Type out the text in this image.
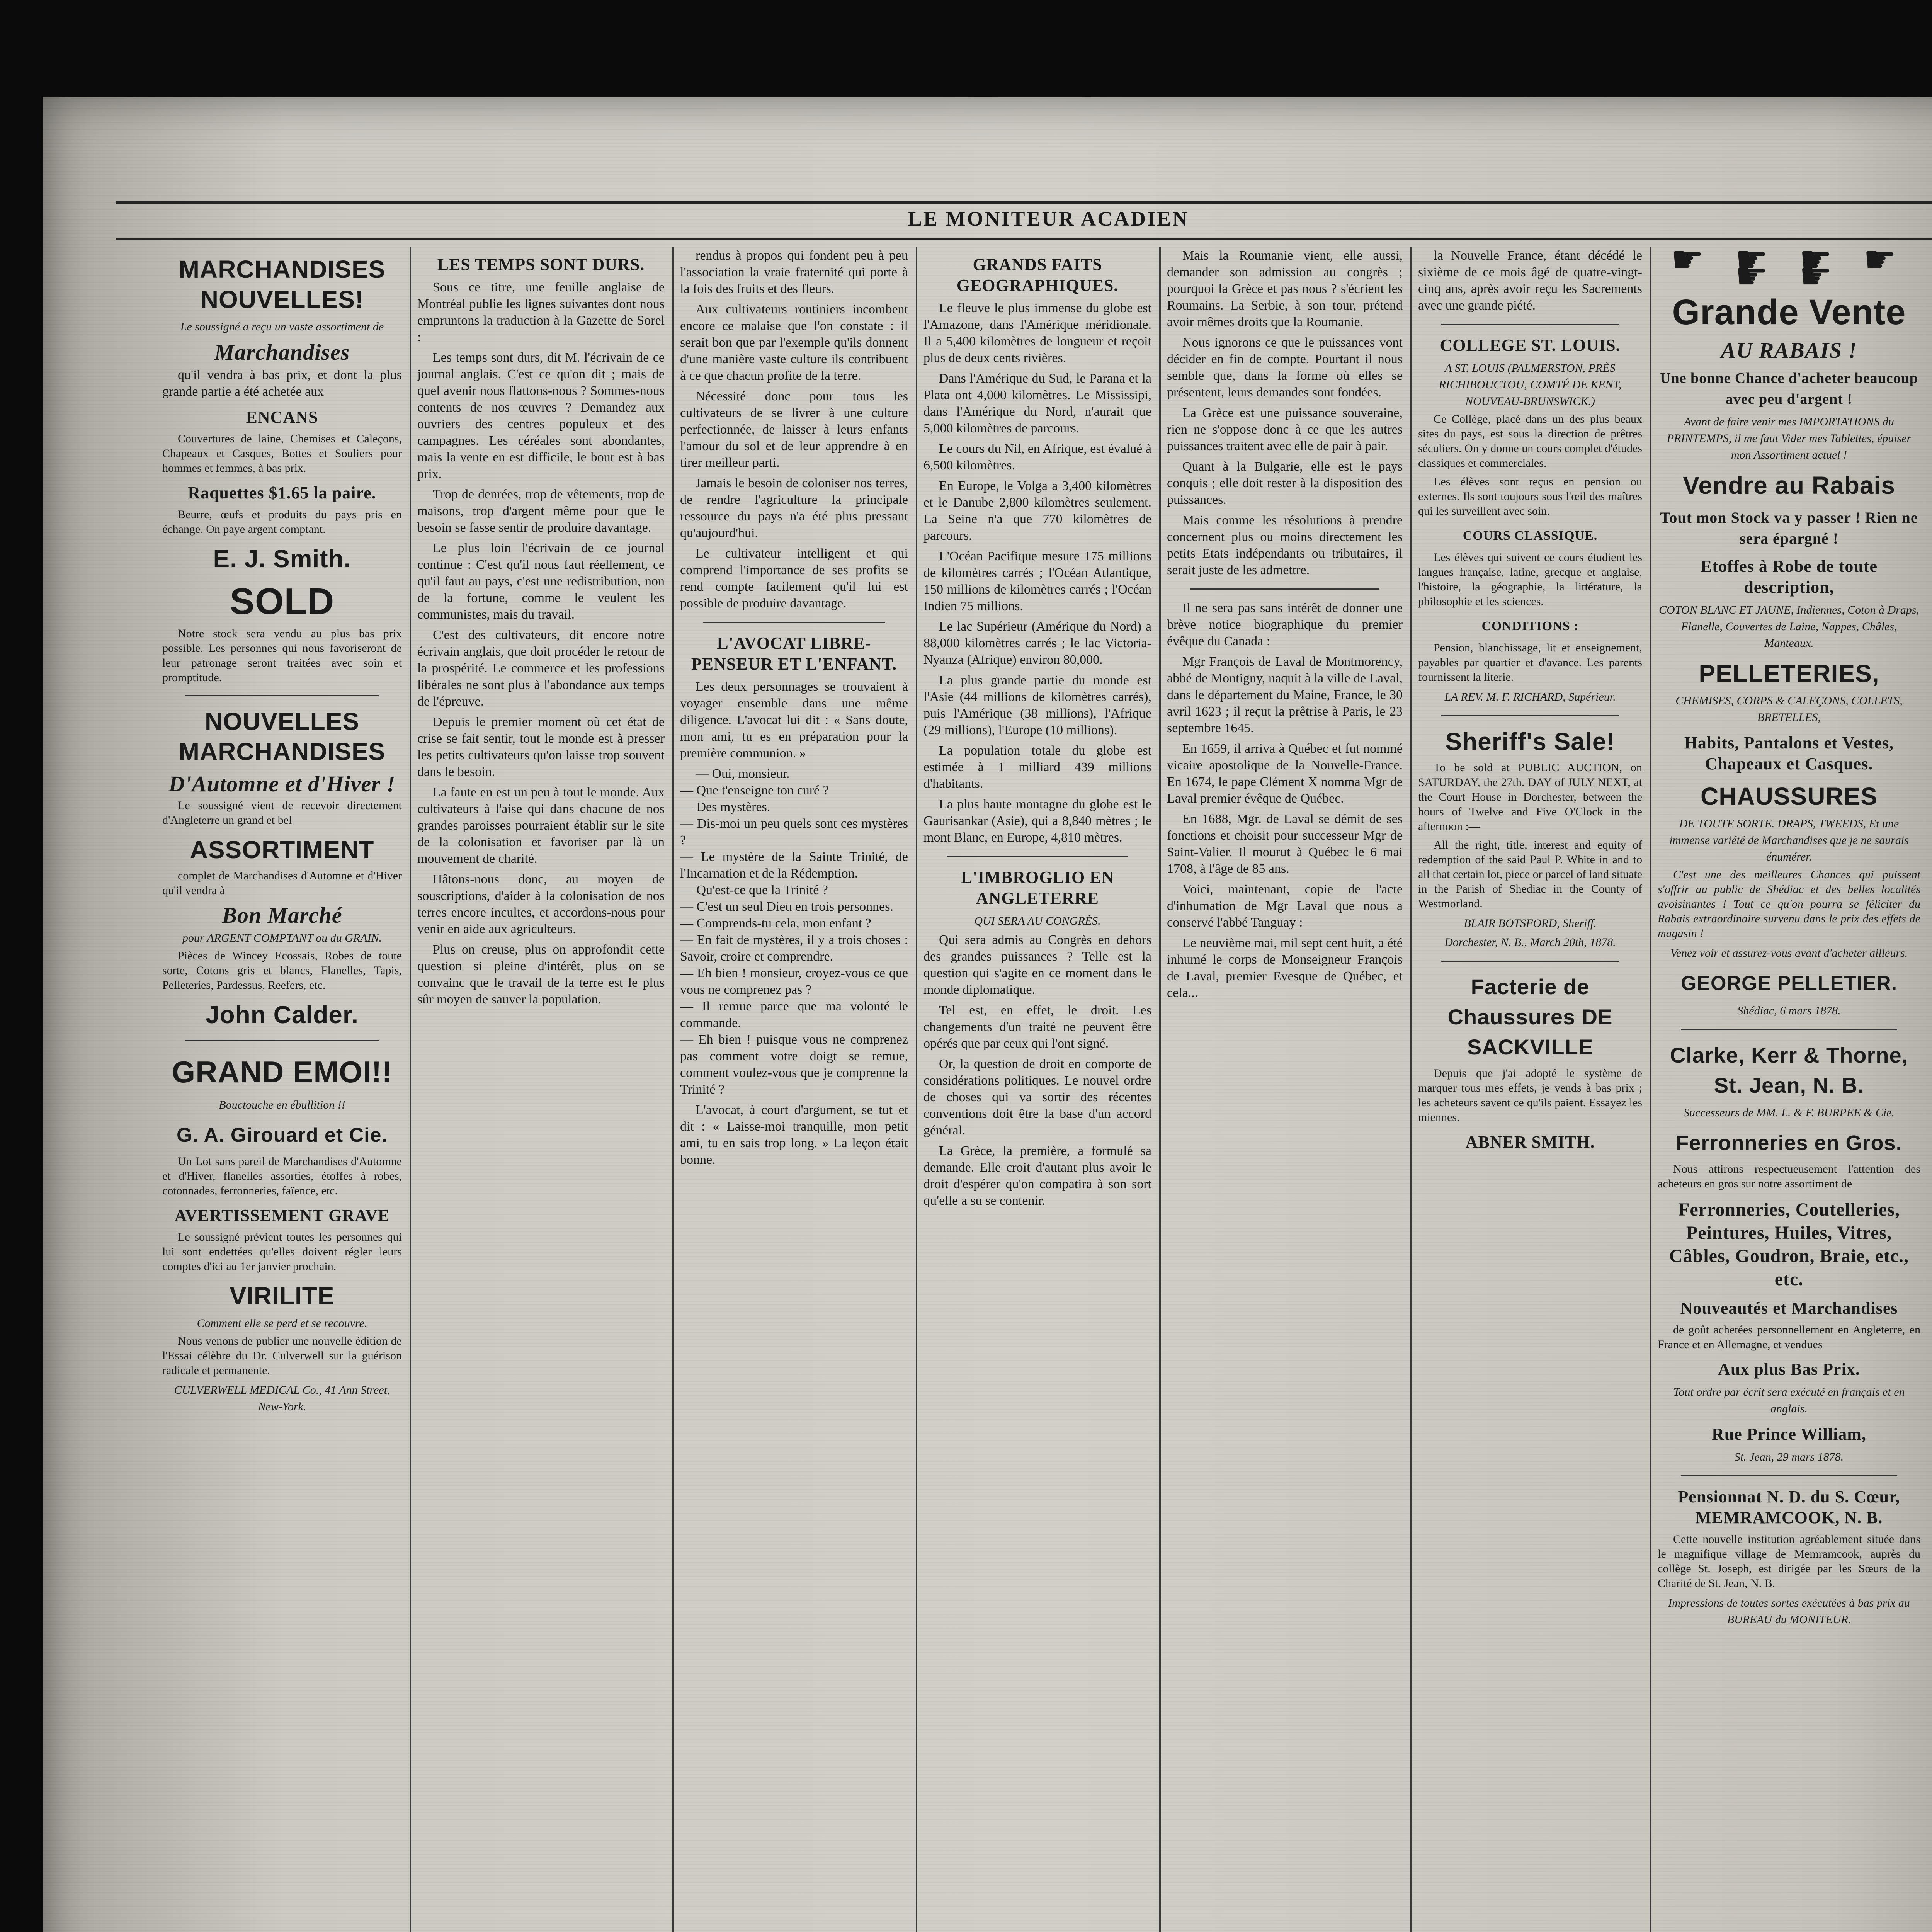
LE MONITEUR ACADIEN
MARCHANDISES NOUVELLES!
Le soussigné a reçu un vaste assortiment de
Marchandises
qu'il vendra à bas prix, et dont la plus grande partie a été achetée aux
ENCANS
Couvertures de laine, Chemises et Caleçons, Chapeaux et Casques, Bottes et Souliers pour hommes et femmes, à bas prix.
Raquettes $1.65 la paire.
Beurre, œufs et produits du pays pris en échange. On paye argent comptant.
E. J. Smith.
SOLD
Notre stock sera vendu au plus bas prix possible. Les personnes qui nous favoriseront de leur patronage seront traitées avec soin et promptitude.
NOUVELLES MARCHANDISES
D'Automne et d'Hiver !
Le soussigné vient de recevoir directement d'Angleterre un grand et bel
ASSORTIMENT
complet de Marchandises d'Automne et d'Hiver qu'il vendra à
Bon Marché
pour ARGENT COMPTANT ou du GRAIN.
Pièces de Wincey Ecossais, Robes de toute sorte, Cotons gris et blancs, Flanelles, Tapis, Pelleteries, Pardessus, Reefers, etc.
John Calder.
GRAND EMOI!!
Bouctouche en ébullition !!
G. A. Girouard et Cie.
Un Lot sans pareil de Marchandises d'Automne et d'Hiver, flanelles assorties, étoffes à robes, cotonnades, ferronneries, faïence, etc.
AVERTISSEMENT GRAVE
Le soussigné prévient toutes les personnes qui lui sont endettées qu'elles doivent régler leurs comptes d'ici au 1er janvier prochain.
VIRILITE
Comment elle se perd et se recouvre.
Nous venons de publier une nouvelle édition de l'Essai célèbre du Dr. Culverwell sur la guérison radicale et permanente.
CULVERWELL MEDICAL Co., 41 Ann Street, New-York.
LES TEMPS SONT DURS.
Sous ce titre, une feuille anglaise de Montréal publie les lignes suivantes dont nous empruntons la traduction à la Gazette de Sorel :
Les temps sont durs, dit M. l'écrivain de ce journal anglais. C'est ce qu'on dit ; mais de quel avenir nous flattons-nous ? Sommes-nous contents de nos œuvres ? Demandez aux ouvriers des centres populeux et des campagnes. Les céréales sont abondantes, mais la vente en est difficile, le bout est à bas prix.
Trop de denrées, trop de vêtements, trop de maisons, trop d'argent même pour que le besoin se fasse sentir de produire davantage.
Le plus loin l'écrivain de ce journal continue : C'est qu'il nous faut réellement, ce qu'il faut au pays, c'est une redistribution, non de la fortune, comme le veulent les communistes, mais du travail.
C'est des cultivateurs, dit encore notre écrivain anglais, que doit procéder le retour de la prospérité. Le commerce et les professions libérales ne sont plus à l'abondance aux temps de l'épreuve.
Depuis le premier moment où cet état de crise se fait sentir, tout le monde est à presser les petits cultivateurs qu'on laisse trop souvent dans le besoin.
La faute en est un peu à tout le monde. Aux cultivateurs à l'aise qui dans chacune de nos grandes paroisses pourraient établir sur le site de la colonisation et favoriser par là un mouvement de charité.
Hâtons-nous donc, au moyen de souscriptions, d'aider à la colonisation de nos terres encore incultes, et accordons-nous pour venir en aide aux agriculteurs.
Plus on creuse, plus on approfondit cette question si pleine d'intérêt, plus on se convainc que le travail de la terre est le plus sûr moyen de sauver la population.
rendus à propos qui fondent peu à peu l'association la vraie fraternité qui porte à la fois des fruits et des fleurs.
Aux cultivateurs routiniers incombent encore ce malaise que l'on constate : il serait bon que par l'exemple qu'ils donnent d'une manière vaste culture ils contribuent à ce que chacun profite de la terre.
Nécessité donc pour tous les cultivateurs de se livrer à une culture perfectionnée, de laisser à leurs enfants l'amour du sol et de leur apprendre à en tirer meilleur parti.
Jamais le besoin de coloniser nos terres, de rendre l'agriculture la principale ressource du pays n'a été plus pressant qu'aujourd'hui.
Le cultivateur intelligent et qui comprend l'importance de ses profits se rend compte facilement qu'il lui est possible de produire davantage.
L'AVOCAT LIBRE-PENSEUR ET L'ENFANT.
Les deux personnages se trouvaient à voyager ensemble dans une même diligence. L'avocat lui dit : « Sans doute, mon ami, tu es en préparation pour la première communion. »
— Oui, monsieur.
— Que t'enseigne ton curé ?
— Des mystères.
— Dis-moi un peu quels sont ces mystères ?
— Le mystère de la Sainte Trinité, de l'Incarnation et de la Rédemption.
— Qu'est-ce que la Trinité ?
— C'est un seul Dieu en trois personnes.
— Comprends-tu cela, mon enfant ?
— En fait de mystères, il y a trois choses : Savoir, croire et comprendre.
— Eh bien ! monsieur, croyez-vous ce que vous ne comprenez pas ?
— Il remue parce que ma volonté le commande.
— Eh bien ! puisque vous ne comprenez pas comment votre doigt se remue, comment voulez-vous que je comprenne la Trinité ?
L'avocat, à court d'argument, se tut et dit : « Laisse-moi tranquille, mon petit ami, tu en sais trop long. » La leçon était bonne.
GRANDS FAITS GEOGRAPHIQUES.
Le fleuve le plus immense du globe est l'Amazone, dans l'Amérique méridionale. Il a 5,400 kilomètres de longueur et reçoit plus de deux cents rivières.
Dans l'Amérique du Sud, le Parana et la Plata ont 4,000 kilomètres. Le Mississipi, dans l'Amérique du Nord, n'aurait que 5,000 kilomètres de parcours.
Le cours du Nil, en Afrique, est évalué à 6,500 kilomètres.
En Europe, le Volga a 3,400 kilomètres et le Danube 2,800 kilomètres seulement. La Seine n'a que 770 kilomètres de parcours.
L'Océan Pacifique mesure 175 millions de kilomètres carrés ; l'Océan Atlantique, 150 millions de kilomètres carrés ; l'Océan Indien 75 millions.
Le lac Supérieur (Amérique du Nord) a 88,000 kilomètres carrés ; le lac Victoria-Nyanza (Afrique) environ 80,000.
La plus grande partie du monde est l'Asie (44 millions de kilomètres carrés), puis l'Amérique (38 millions), l'Afrique (29 millions), l'Europe (10 millions).
La population totale du globe est estimée à 1 milliard 439 millions d'habitants.
La plus haute montagne du globe est le Gaurisankar (Asie), qui a 8,840 mètres ; le mont Blanc, en Europe, 4,810 mètres.
L'IMBROGLIO EN ANGLETERRE
QUI SERA AU CONGRÈS.
Qui sera admis au Congrès en dehors des grandes puissances ? Telle est la question qui s'agite en ce moment dans le monde diplomatique.
Tel est, en effet, le droit. Les changements d'un traité ne peuvent être opérés que par ceux qui l'ont signé.
Or, la question de droit en comporte de considérations politiques. Le nouvel ordre de choses qui va sortir des récentes conventions doit être la base d'un accord général.
La Grèce, la première, a formulé sa demande. Elle croit d'autant plus avoir le droit d'espérer qu'on compatira à son sort qu'elle a su se contenir.
Mais la Roumanie vient, elle aussi, demander son admission au congrès ; pourquoi la Grèce et pas nous ? s'écrient les Roumains. La Serbie, à son tour, prétend avoir mêmes droits que la Roumanie.
Nous ignorons ce que le puissances vont décider en fin de compte. Pourtant il nous semble que, dans la forme où elles se présentent, leurs demandes sont fondées.
La Grèce est une puissance souveraine, rien ne s'oppose donc à ce que les autres puissances traitent avec elle de pair à pair.
Quant à la Bulgarie, elle est le pays conquis ; elle doit rester à la disposition des puissances.
Mais comme les résolutions à prendre concernent plus ou moins directement les petits Etats indépendants ou tributaires, il serait juste de les admettre.
Il ne sera pas sans intérêt de donner une brève notice biographique du premier évêque du Canada :
Mgr François de Laval de Montmorency, abbé de Montigny, naquit à la ville de Laval, dans le département du Maine, France, le 30 avril 1623 ; il reçut la prêtrise à Paris, le 23 septembre 1645.
En 1659, il arriva à Québec et fut nommé vicaire apostolique de la Nouvelle-France. En 1674, le pape Clément X nomma Mgr de Laval premier évêque de Québec.
En 1688, Mgr. de Laval se démit de ses fonctions et choisit pour successeur Mgr de Saint-Valier. Il mourut à Québec le 6 mai 1708, à l'âge de 85 ans.
Voici, maintenant, copie de l'acte d'inhumation de Mgr Laval que nous a conservé l'abbé Tanguay :
Le neuvième mai, mil sept cent huit, a été inhumé le corps de Monseigneur François de Laval, premier Evesque de Québec, et cela...
la Nouvelle France, étant décédé le sixième de ce mois âgé de quatre-vingt-cinq ans, après avoir reçu les Sacrements avec une grande piété.
COLLEGE ST. LOUIS.
A ST. LOUIS (PALMERSTON, PRÈS RICHIBOUCTOU, COMTÉ DE KENT, NOUVEAU-BRUNSWICK.)
Ce Collège, placé dans un des plus beaux sites du pays, est sous la direction de prêtres séculiers. On y donne un cours complet d'études classiques et commerciales.
Les élèves sont reçus en pension ou externes. Ils sont toujours sous l'œil des maîtres qui les surveillent avec soin.
COURS CLASSIQUE.
Les élèves qui suivent ce cours étudient les langues française, latine, grecque et anglaise, l'histoire, la géographie, la littérature, la philosophie et les sciences.
CONDITIONS :
Pension, blanchissage, lit et enseignement, payables par quartier et d'avance. Les parents fournissent la literie.
LA REV. M. F. RICHARD, Supérieur.
Sheriff's Sale!
To be sold at PUBLIC AUCTION, on SATURDAY, the 27th. DAY of JULY NEXT, at the Court House in Dorchester, between the hours of Twelve and Five O'Clock in the afternoon :—
All the right, title, interest and equity of redemption of the said Paul P. White in and to all that certain lot, piece or parcel of land situate in the Parish of Shediac in the County of Westmorland.
BLAIR BOTSFORD, Sheriff.
Dorchester, N. B., March 20th, 1878.
Facterie de Chaussures DE SACKVILLE
Depuis que j'ai adopté le système de marquer tous mes effets, je vends à bas prix ; les acheteurs savent ce qu'ils paient. Essayez les miennes.
ABNER SMITH.
☛ ☛ ☛ ☛ ☛ ☛
Grande Vente
AU RABAIS !
Une bonne Chance d'acheter beaucoup avec peu d'argent !
Avant de faire venir mes IMPORTATIONS du PRINTEMPS, il me faut Vider mes Tablettes, épuiser mon Assortiment actuel !
Vendre au Rabais
Tout mon Stock va y passer ! Rien ne sera épargné !
Etoffes à Robe de toute description,
COTON BLANC ET JAUNE, Indiennes, Coton à Draps, Flanelle, Couvertes de Laine, Nappes, Châles, Manteaux.
PELLETERIES,
CHEMISES, CORPS & CALEÇONS, COLLETS, BRETELLES,
Habits, Pantalons et Vestes, Chapeaux et Casques.
CHAUSSURES
DE TOUTE SORTE. DRAPS, TWEEDS, Et une immense variété de Marchandises que je ne saurais énumérer.
C'est une des meilleures Chances qui puissent s'offrir au public de Shédiac et des belles localités avoisinantes ! Tout ce qu'on pourra se féliciter du Rabais extraordinaire survenu dans le prix des effets de magasin !
Venez voir et assurez-vous avant d'acheter ailleurs.
GEORGE PELLETIER.
Shédiac, 6 mars 1878.
Clarke, Kerr & Thorne, St. Jean, N. B.
Successeurs de MM. L. & F. BURPEE & Cie.
Ferronneries en Gros.
Nous attirons respectueusement l'attention des acheteurs en gros sur notre assortiment de
Ferronneries, Coutelleries, Peintures, Huiles, Vitres, Câbles, Goudron, Braie, etc., etc.
Nouveautés et Marchandises
de goût achetées personnellement en Angleterre, en France et en Allemagne, et vendues
Aux plus Bas Prix.
Tout ordre par écrit sera exécuté en français et en anglais.
Rue Prince William,
St. Jean, 29 mars 1878.
Pensionnat N. D. du S. Cœur, MEMRAMCOOK, N. B.
Cette nouvelle institution agréablement située dans le magnifique village de Memramcook, auprès du collège St. Joseph, est dirigée par les Sœurs de la Charité de St. Jean, N. B.
Impressions de toutes sortes exécutées à bas prix au BUREAU du MONITEUR.
